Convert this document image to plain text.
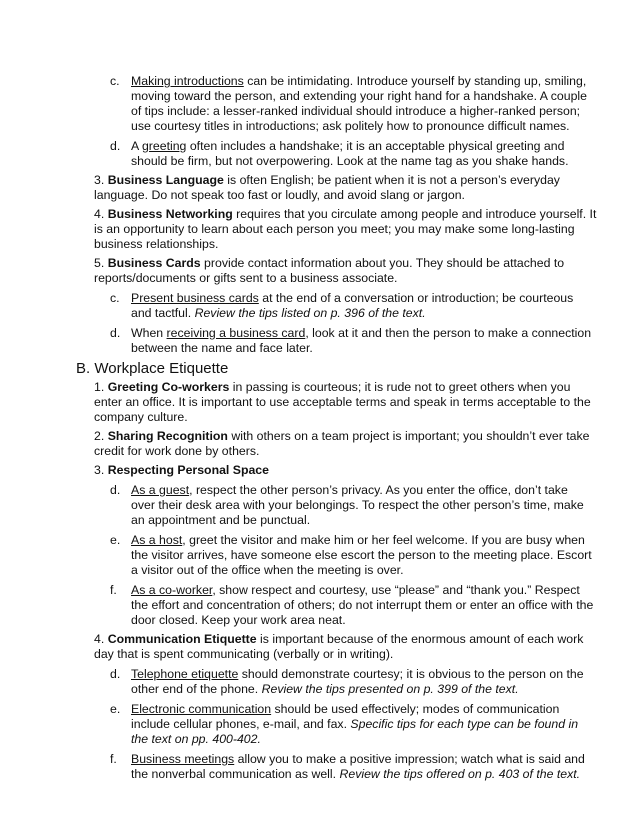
c. Making introductions can be intimidating. Introduce yourself by standing up, smiling,
moving toward the person, and extending your right hand for a handshake. A couple
of tips include: a lesser-ranked individual should introduce a higher-ranked person;
use courtesy titles in introductions; ask politely how to pronounce difficult names.
d. A greeting often includes a handshake; it is an acceptable physical greeting and
should be firm, but not overpowering. Look at the name tag as you shake hands.
3. Business Language is often English; be patient when it is not a person’s everyday
language. Do not speak too fast or loudly, and avoid slang or jargon.
4. Business Networking requires that you circulate among people and introduce yourself. It
is an opportunity to learn about each person you meet; you may make some long-lasting
business relationships.
5. Business Cards provide contact information about you. They should be attached to
reports/documents or gifts sent to a business associate.
c. Present business cards at the end of a conversation or introduction; be courteous
and tactful. Review the tips listed on p. 396 of the text.
d. When receiving a business card, look at it and then the person to make a connection
between the name and face later.
B. Workplace Etiquette
1. Greeting Co-workers in passing is courteous; it is rude not to greet others when you
enter an office. It is important to use acceptable terms and speak in terms acceptable to the
company culture.
2. Sharing Recognition with others on a team project is important; you shouldn’t ever take
credit for work done by others.
3. Respecting Personal Space
d. As a guest, respect the other person’s privacy. As you enter the office, don’t take
over their desk area with your belongings. To respect the other person’s time, make
an appointment and be punctual.
e. As a host, greet the visitor and make him or her feel welcome. If you are busy when
the visitor arrives, have someone else escort the person to the meeting place. Escort
a visitor out of the office when the meeting is over.
f. As a co-worker, show respect and courtesy, use “please” and “thank you.” Respect
the effort and concentration of others; do not interrupt them or enter an office with the
door closed. Keep your work area neat.
4. Communication Etiquette is important because of the enormous amount of each work
day that is spent communicating (verbally or in writing).
d. Telephone etiquette should demonstrate courtesy; it is obvious to the person on the
other end of the phone. Review the tips presented on p. 399 of the text.
e. Electronic communication should be used effectively; modes of communication
include cellular phones, e-mail, and fax. Specific tips for each type can be found in
the text on pp. 400-402.
f. Business meetings allow you to make a positive impression; watch what is said and
the nonverbal communication as well. Review the tips offered on p. 403 of the text.
